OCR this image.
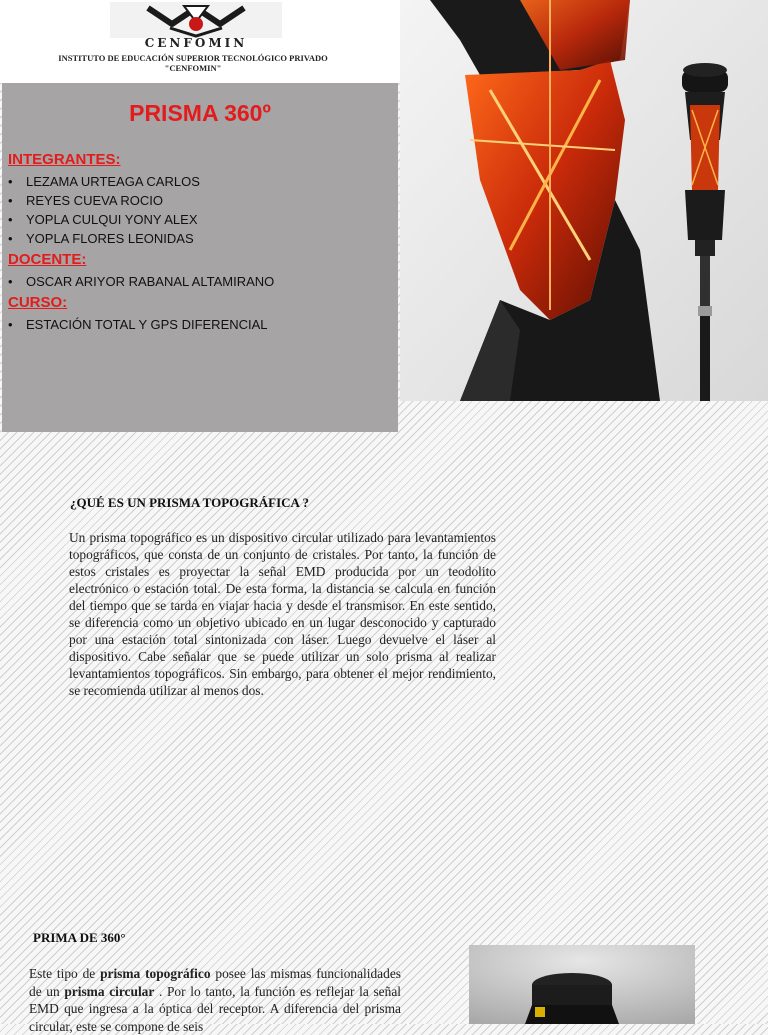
CENFOMIN
INSTITUTO DE EDUCACIÓN SUPERIOR TECNOLÓGICO PRIVADO
"CENFOMIN"
PRISMA 360º
INTEGRANTES:
• LEZAMA URTEAGA CARLOS
• REYES CUEVA ROCIO
• YOPLA CULQUI YONY ALEX
• YOPLA FLORES LEONIDAS
DOCENTE:
• OSCAR ARIYOR RABANAL ALTAMIRANO
CURSO:
• ESTACIÓN TOTAL Y GPS DIFERENCIAL
¿QUÉ ES UN PRISMA TOPOGRÁFICA ?

Un prisma topográfico es un dispositivo circular utilizado para levantamientos topográficos, que consta de un conjunto de cristales. Por tanto, la función de estos cristales es proyectar la señal EMD producida por un teodolito electrónico o estación total. De esta forma, la distancia se calcula en función del tiempo que se tarda en viajar hacia y desde el transmisor. En este sentido, se diferencia como un objetivo ubicado en un lugar desconocido y capturado por una estación total sintonizada con láser. Luego devuelve el láser al dispositivo. Cabe señalar que se puede utilizar un solo prisma al realizar levantamientos topográficos. Sin embargo, para obtener el mejor rendimiento, se recomienda utilizar al menos dos.

PRIMA DE 360°

Este tipo de prisma topográfico posee las mismas funcionalidades de un prisma circular . Por lo tanto, la función es reflejar la señal EMD que ingresa a la óptica del receptor. A diferencia del prisma circular, este se compone de seis
